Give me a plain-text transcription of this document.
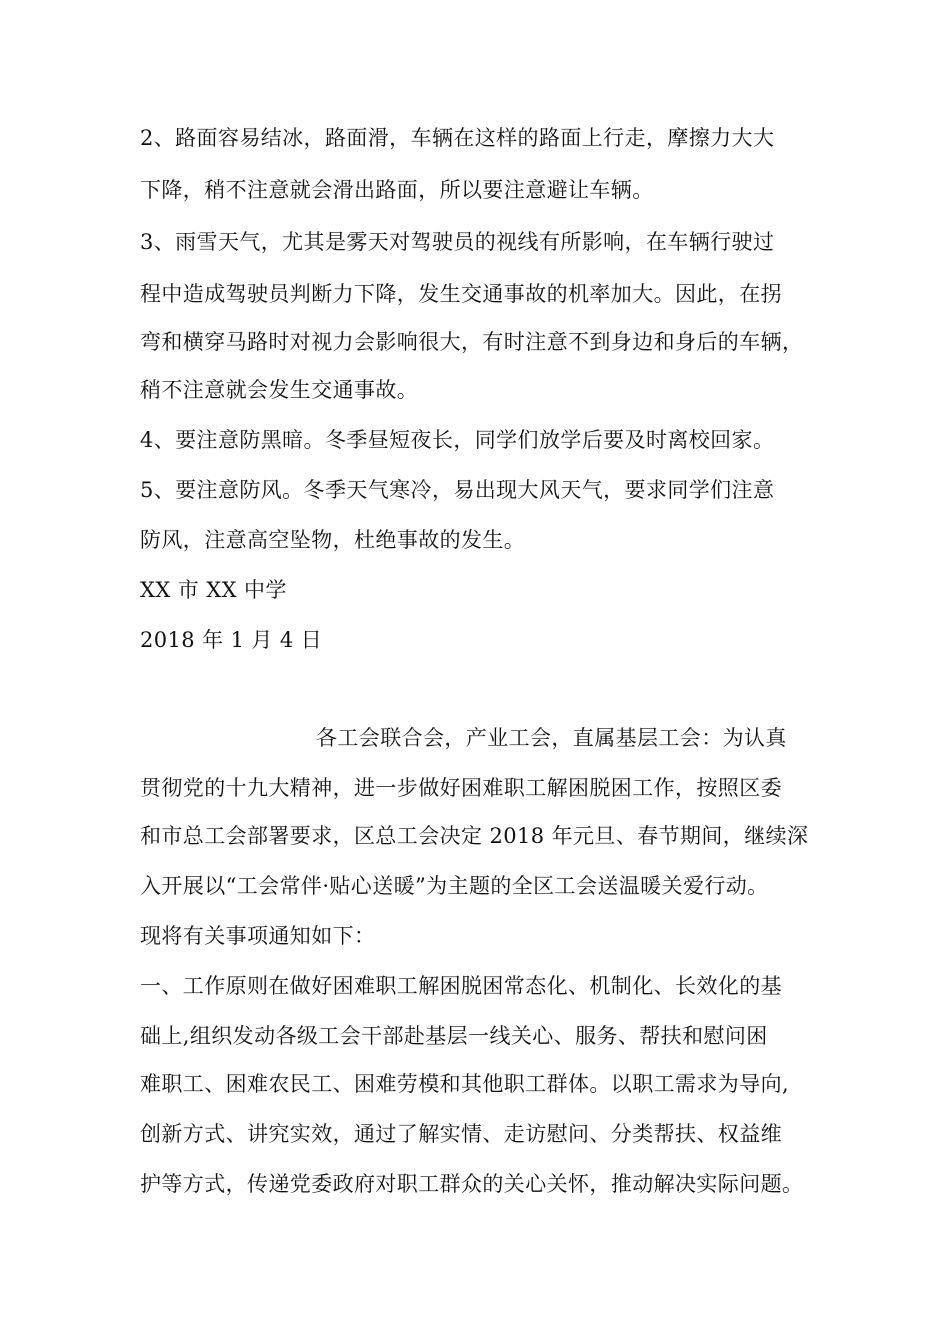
2、路面容易结冰，路面滑，车辆在这样的路面上行走，摩擦力大大
下降，稍不注意就会滑出路面，所以要注意避让车辆。
3、雨雪天气，尤其是雾天对驾驶员的视线有所影响，在车辆行驶过
程中造成驾驶员判断力下降，发生交通事故的机率加大。因此，在拐
弯和横穿马路时对视力会影响很大，有时注意不到身边和身后的车辆，
稍不注意就会发生交通事故。
4、要注意防黑暗。冬季昼短夜长，同学们放学后要及时离校回家。
5、要注意防风。冬季天气寒冷，易出现大风天气，要求同学们注意
防风，注意高空坠物，杜绝事故的发生。
XX 市 XX 中学
2018 年 1 月 4 日
各工会联合会，产业工会，直属基层工会：为认真
贯彻党的十九大精神，进一步做好困难职工解困脱困工作，按照区委
和市总工会部署要求，区总工会决定 2018 年元旦、春节期间，继续深
入开展以“工会常伴·贴心送暖”为主题的全区工会送温暖关爱行动。
现将有关事项通知如下：
一、工作原则在做好困难职工解困脱困常态化、机制化、长效化的基
础上,组织发动各级工会干部赴基层一线关心、服务、帮扶和慰问困
难职工、困难农民工、困难劳模和其他职工群体。以职工需求为导向,
创新方式、讲究实效，通过了解实情、走访慰问、分类帮扶、权益维
护等方式，传递党委政府对职工群众的关心关怀，推动解决实际问题。
